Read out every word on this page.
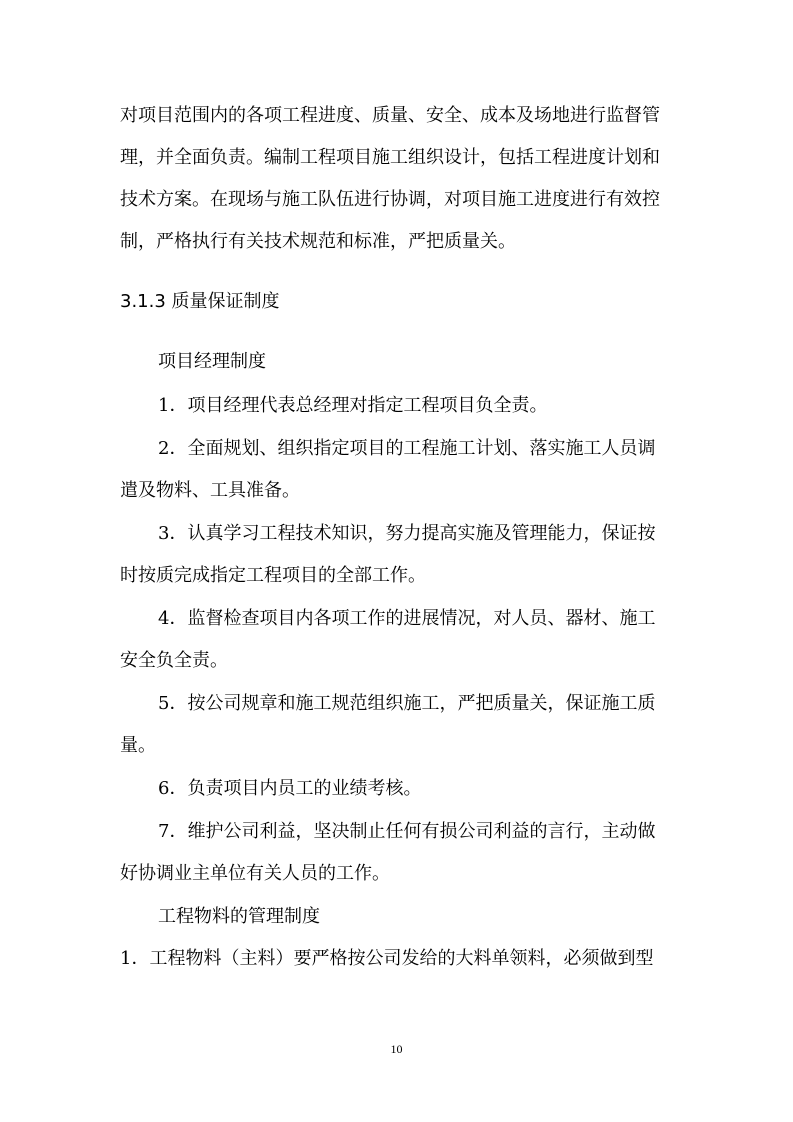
对项目范围内的各项工程进度、质量、安全、成本及场地进行监督管
理，并全面负责。编制工程项目施工组织设计，包括工程进度计划和
技术方案。在现场与施工队伍进行协调，对项目施工进度进行有效控
制，严格执行有关技术规范和标准，严把质量关。
3.1.3 质量保证制度
项目经理制度
1．项目经理代表总经理对指定工程项目负全责。
2．全面规划、组织指定项目的工程施工计划、落实施工人员调
遣及物料、工具准备。
3．认真学习工程技术知识，努力提高实施及管理能力，保证按
时按质完成指定工程项目的全部工作。
4．监督检查项目内各项工作的进展情况，对人员、器材、施工
安全负全责。
5．按公司规章和施工规范组织施工，严把质量关，保证施工质
量。
6．负责项目内员工的业绩考核。
7．维护公司利益，坚决制止任何有损公司利益的言行，主动做
好协调业主单位有关人员的工作。
工程物料的管理制度
1．工程物料（主料）要严格按公司发给的大料单领料，必须做到型
10
